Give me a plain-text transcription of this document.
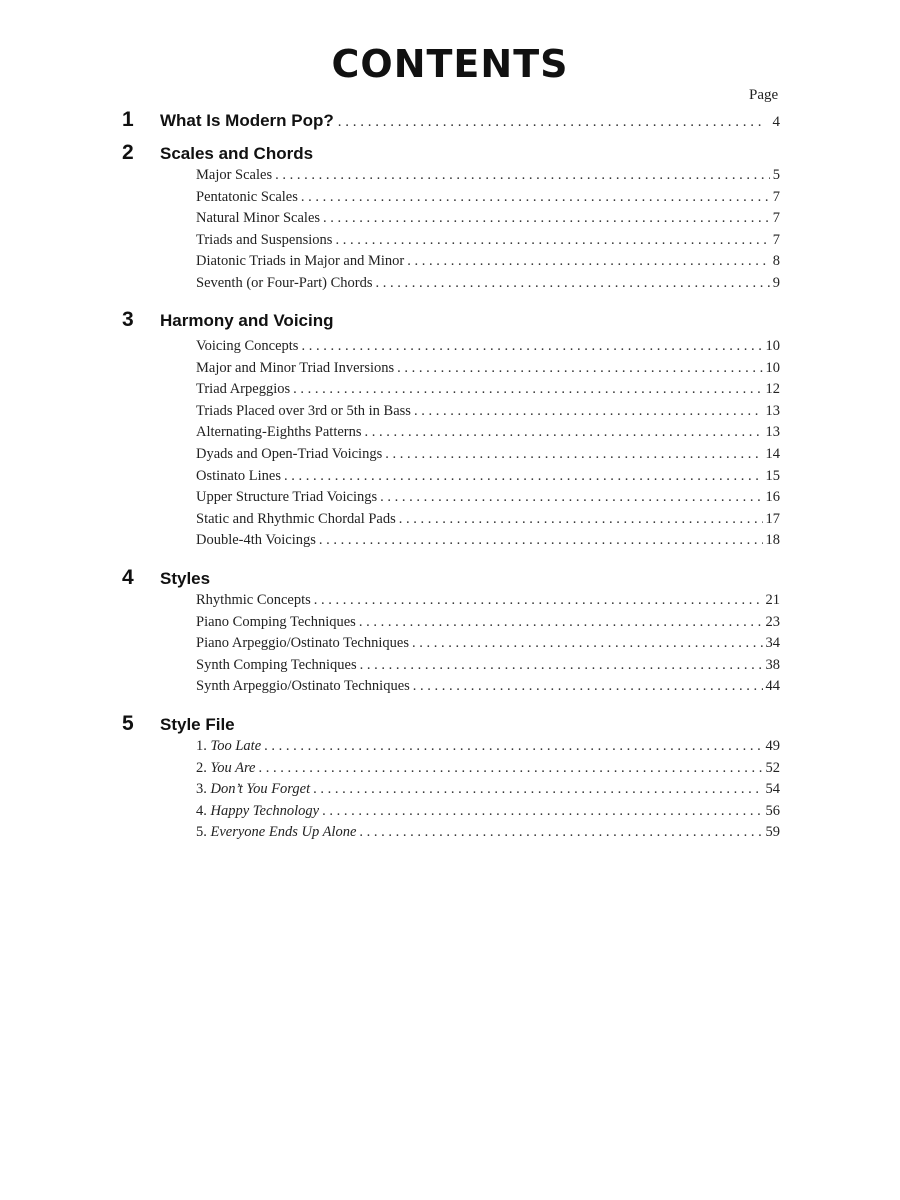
CONTENTS
Page
1	What Is Modern Pop? . . .	4
2	Scales and Chords
Major Scales . . .	5
Pentatonic Scales . . .	7
Natural Minor Scales . . .	7
Triads and Suspensions . . .	7
Diatonic Triads in Major and Minor . . .	8
Seventh (or Four-Part) Chords . . .	9
3	Harmony and Voicing
Voicing Concepts . . .	10
Major and Minor Triad Inversions . . .	10
Triad Arpeggios . . .	12
Triads Placed over 3rd or 5th in Bass . . .	13
Alternating-Eighths Patterns . . .	13
Dyads and Open-Triad Voicings . . .	14
Ostinato Lines . . .	15
Upper Structure Triad Voicings . . .	16
Static and Rhythmic Chordal Pads . . .	17
Double-4th Voicings . . .	18
4	Styles
Rhythmic Concepts . . .	21
Piano Comping Techniques . . .	23
Piano Arpeggio/Ostinato Techniques . . .	34
Synth Comping Techniques . . .	38
Synth Arpeggio/Ostinato Techniques . . .	44
5	Style File
1. Too Late . . .	49
2. You Are . . .	52
3. Don’t You Forget . . .	54
4. Happy Technology . . .	56
5. Everyone Ends Up Alone . . .	59
